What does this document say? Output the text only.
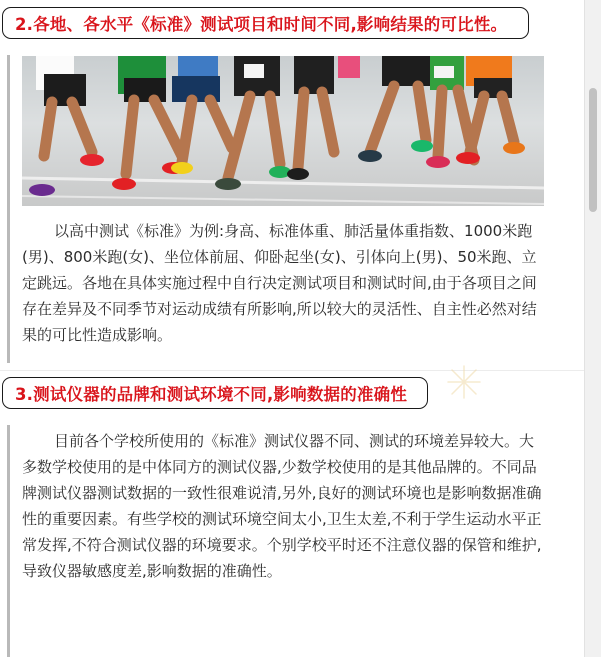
2.各地、各水平《标准》测试项目和时间不同,影响结果的可比性。

以高中测试《标准》为例:身高、标准体重、肺活量体重指数、1000米跑(男)、800米跑(女)、坐位体前屈、仰卧起坐(女)、引体向上(男)、50米跑、立定跳远。各地在具体实施过程中自行决定测试项目和测试时间,由于各项目之间存在差异及不同季节对运动成绩有所影响,所以较大的灵活性、自主性必然对结果的可比性造成影响。

3.测试仪器的品牌和测试环境不同,影响数据的准确性

目前各个学校所使用的《标准》测试仪器不同、测试的环境差异较大。大多数学校使用的是中体同方的测试仪器,少数学校使用的是其他品牌的。不同品牌测试仪器测试数据的一致性很难说清,另外,良好的测试环境也是影响数据准确性的重要因素。有些学校的测试环境空间太小,卫生太差,不利于学生运动水平正常发挥,不符合测试仪器的环境要求。个别学校平时还不注意仪器的保管和维护,导致仪器敏感度差,影响数据的准确性。
